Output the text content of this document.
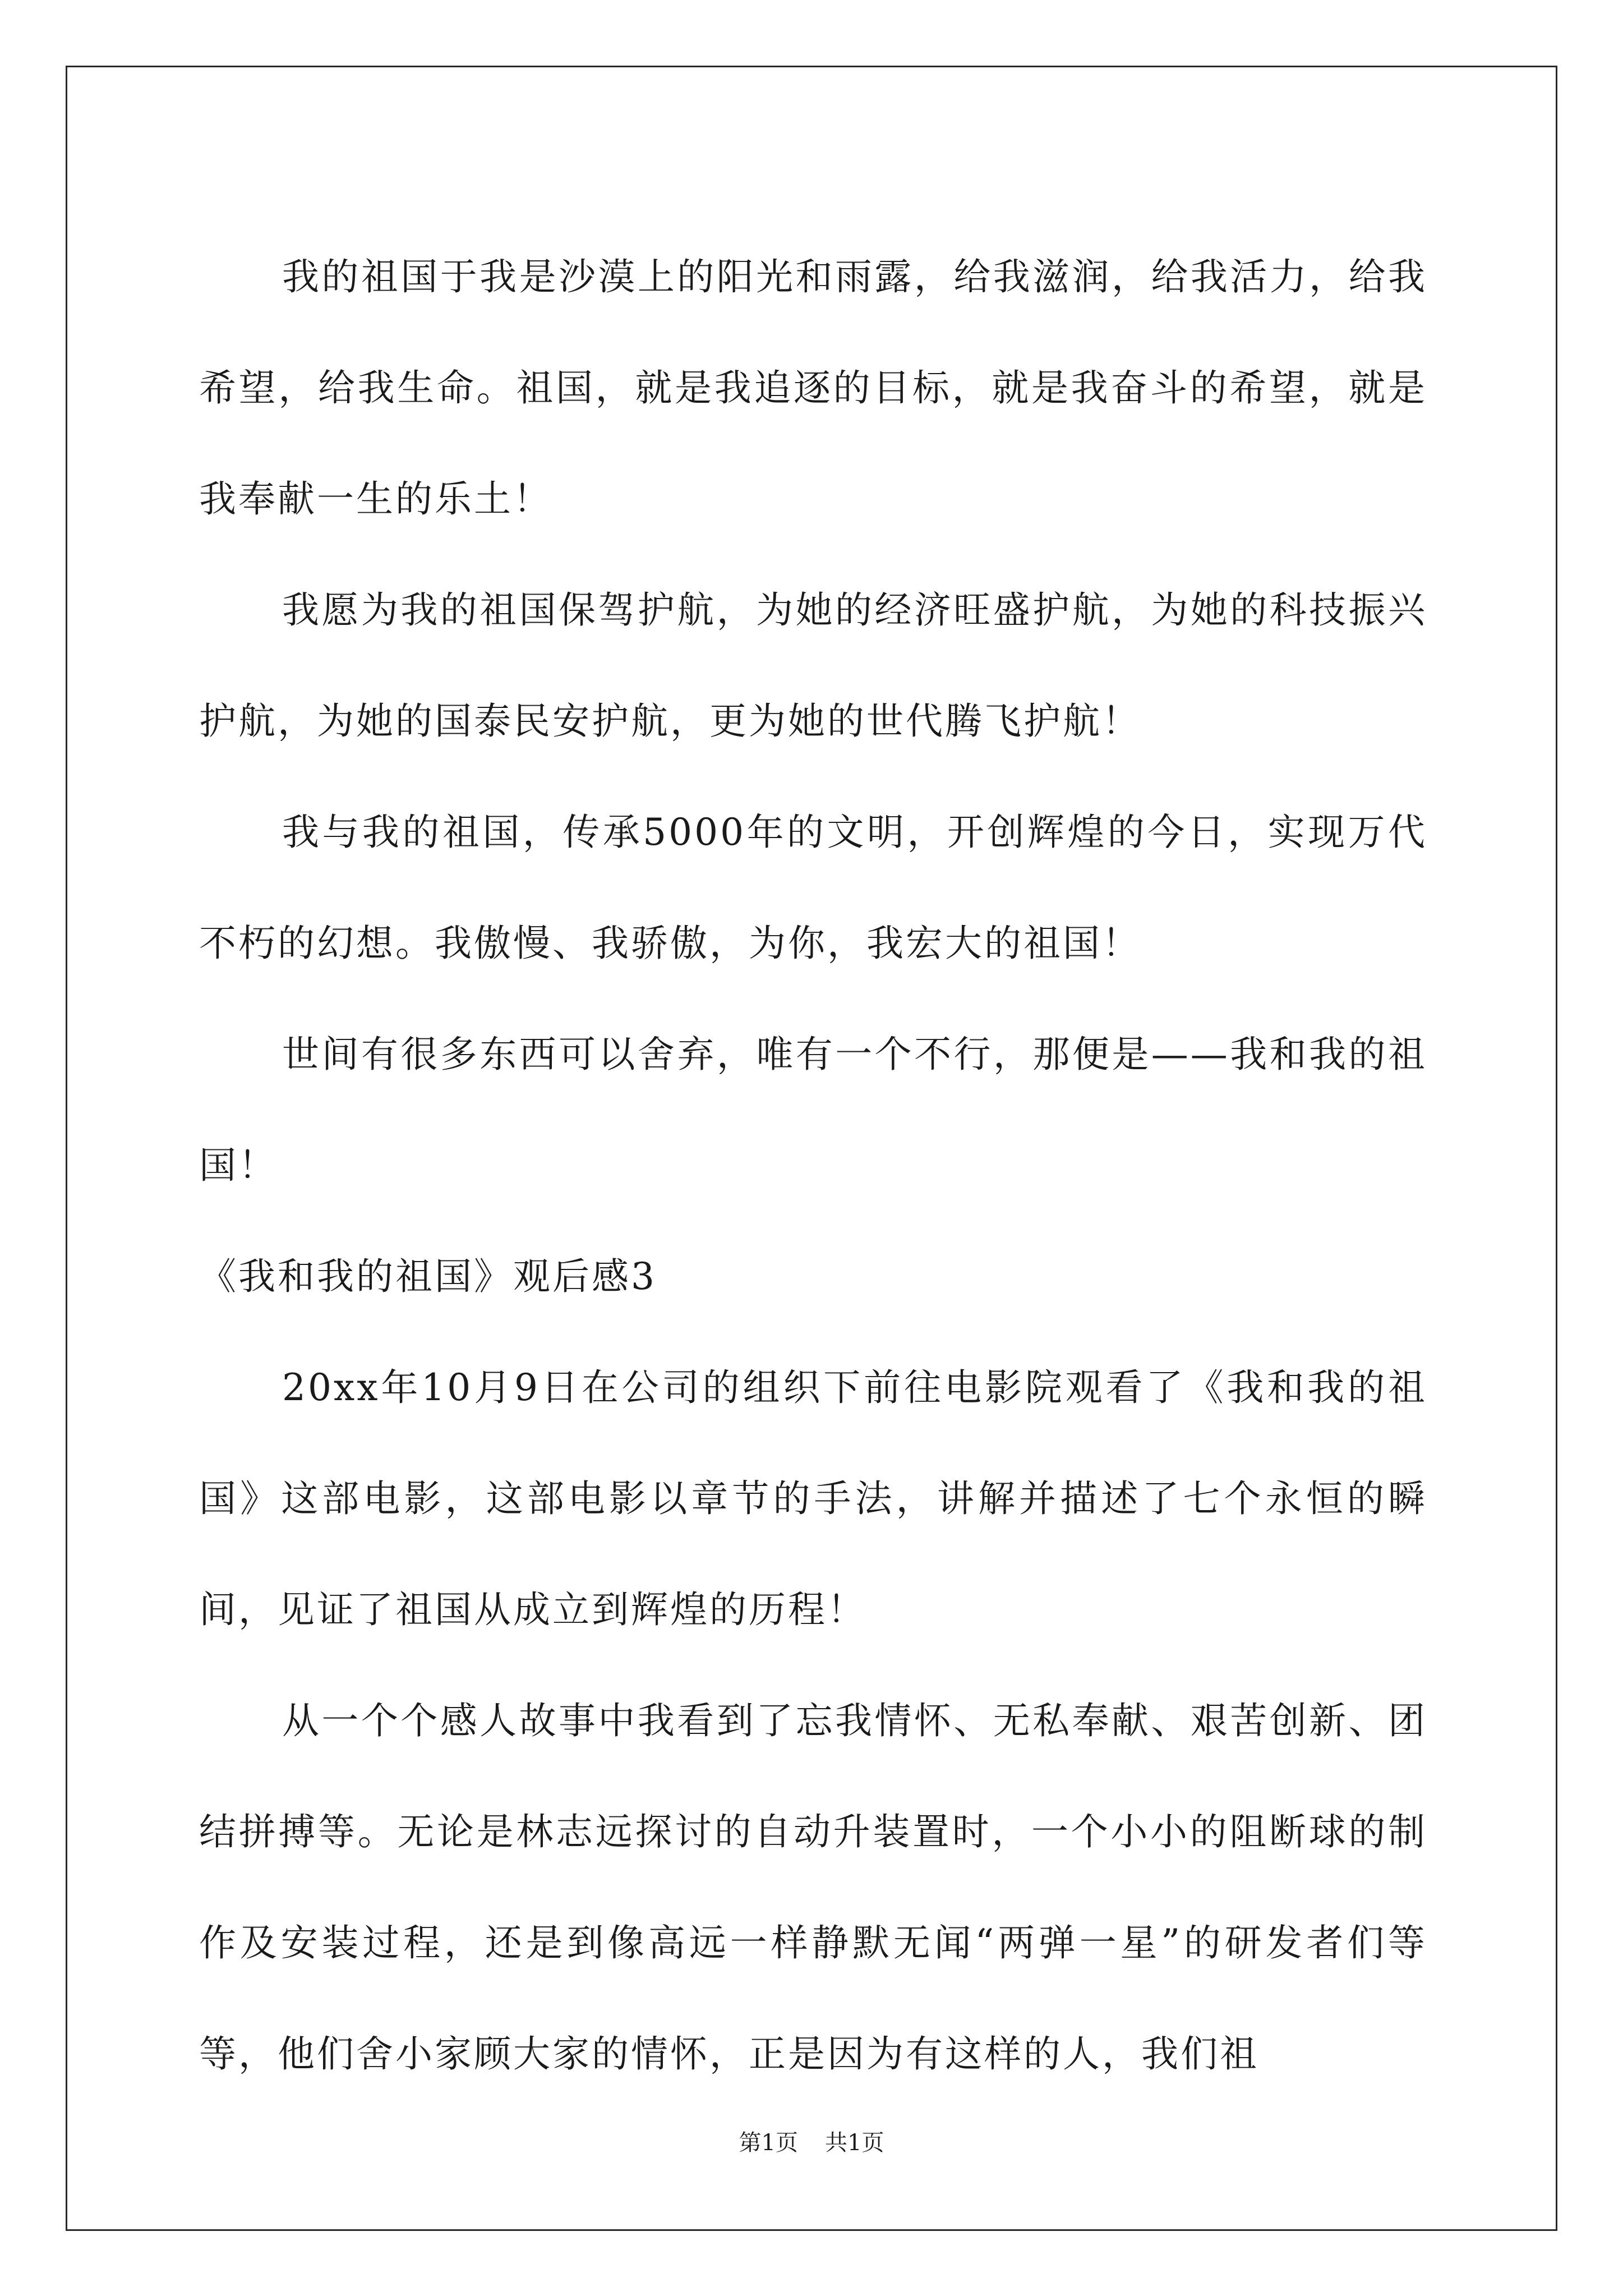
我的祖国于我是沙漠上的阳光和雨露，给我滋润，给我活力，给我希望，给我生命。祖国，就是我追逐的目标，就是我奋斗的希望，就是我奉献一生的乐土！

我愿为我的祖国保驾护航，为她的经济旺盛护航，为她的科技振兴护航，为她的国泰民安护航，更为她的世代腾飞护航！

我与我的祖国，传承5000年的文明，开创辉煌的今日，实现万代不朽的幻想。我傲慢、我骄傲，为你，我宏大的祖国！

世间有很多东西可以舍弃，唯有一个不行，那便是——我和我的祖国！

《我和我的祖国》观后感3

20xx年10月9日在公司的组织下前往电影院观看了《我和我的祖国》这部电影，这部电影以章节的手法，讲解并描述了七个永恒的瞬间，见证了祖国从成立到辉煌的历程！

从一个个感人故事中我看到了忘我情怀、无私奉献、艰苦创新、团结拼搏等。无论是林志远探讨的自动升装置时，一个小小的阻断球的制作及安装过程，还是到像高远一样静默无闻“两弹一星”的研发者们等等，他们舍小家顾大家的情怀，正是因为有这样的人，我们祖

第1页 共1页
